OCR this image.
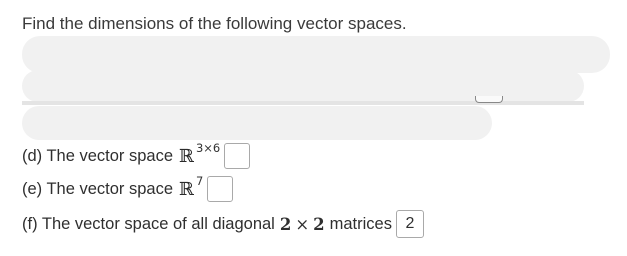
Find the dimensions of the following vector spaces.
(d) The vector space ℝ 3×6
(e) The vector space ℝ 7
(f) The vector space of all diagonal 2 × 2 matrices 2
